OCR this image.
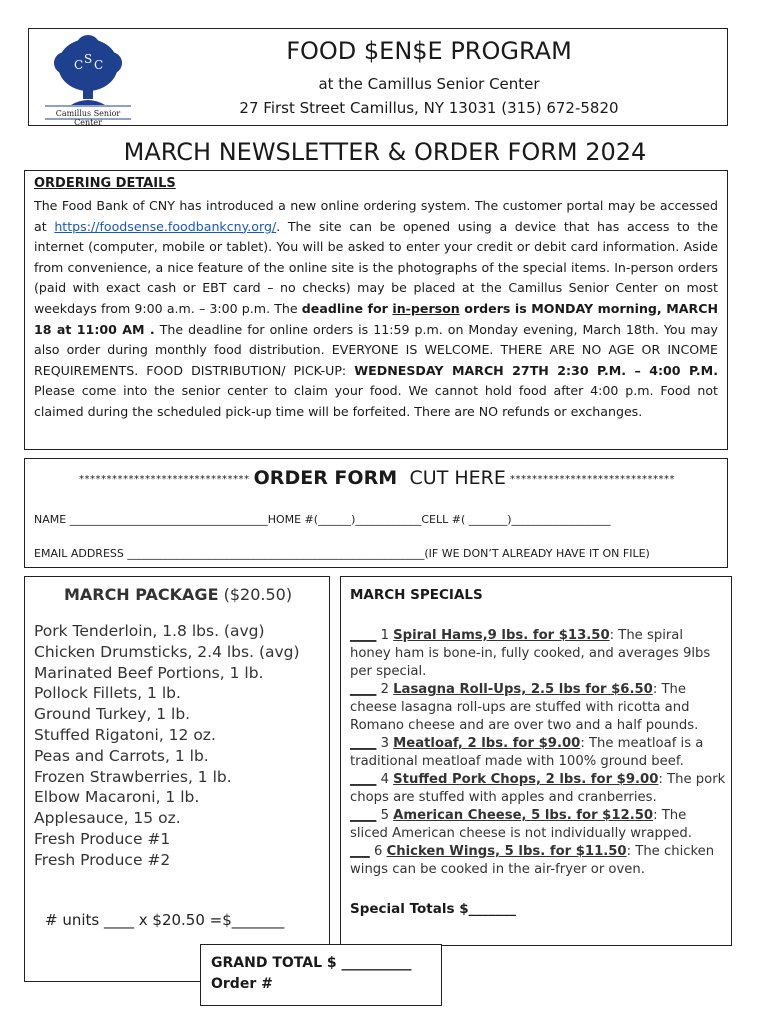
C S C
Camillus Senior Center
FOOD $EN$E PROGRAM
at the Camillus Senior Center
27 First Street Camillus, NY 13031 (315) 672-5820
MARCH NEWSLETTER & ORDER FORM 2024
ORDERING DETAILS
The Food Bank of CNY has introduced a new online ordering system. The customer portal may be accessed at https://foodsense.foodbankcny.org/. The site can be opened using a device that has access to the internet (computer, mobile or tablet). You will be asked to enter your credit or debit card information. Aside from convenience, a nice feature of the online site is the photographs of the special items. In-person orders (paid with exact cash or EBT card – no checks) may be placed at the Camillus Senior Center on most weekdays from 9:00 a.m. – 3:00 p.m. The deadline for in-person orders is MONDAY morning, MARCH 18 at 11:00 AM . The deadline for online orders is 11:59 p.m. on Monday evening, March 18th. You may also order during monthly food distribution. EVERYONE IS WELCOME. THERE ARE NO AGE OR INCOME REQUIREMENTS. FOOD DISTRIBUTION/ PICK-UP: WEDNESDAY MARCH 27TH 2:30 P.M. – 4:00 P.M. Please come into the senior center to claim your food. We cannot hold food after 4:00 p.m. Food not claimed during the scheduled pick-up time will be forfeited. There are NO refunds or exchanges.
******************************* ORDER FORM CUT HERE ******************************
NAME ____________________________________HOME #(______)____________CELL #( _______)__________________
EMAIL ADDRESS ______________________________________________________(IF WE DON’T ALREADY HAVE IT ON FILE)
MARCH PACKAGE ($20.50)
Pork Tenderloin, 1.8 lbs. (avg)
Chicken Drumsticks, 2.4 lbs. (avg)
Marinated Beef Portions, 1 lb.
Pollock Fillets, 1 lb.
Ground Turkey, 1 lb.
Stuffed Rigatoni, 12 oz.
Peas and Carrots, 1 lb.
Frozen Strawberries, 1 lb.
Elbow Macaroni, 1 lb.
Applesauce, 15 oz.
Fresh Produce #1
Fresh Produce #2
# units ____ x $20.50 =$_______
MARCH SPECIALS
____ 1 Spiral Hams,9 lbs. for $13.50: The spiral honey ham is bone-in, fully cooked, and averages 9lbs per special.
____ 2 Lasagna Roll-Ups, 2.5 lbs for $6.50: The cheese lasagna roll-ups are stuffed with ricotta and Romano cheese and are over two and a half pounds.
____ 3 Meatloaf, 2 lbs. for $9.00: The meatloaf is a traditional meatloaf made with 100% ground beef.
____ 4 Stuffed Pork Chops, 2 lbs. for $9.00: The pork chops are stuffed with apples and cranberries.
____ 5 American Cheese, 5 lbs. for $12.50: The sliced American cheese is not individually wrapped.
___ 6 Chicken Wings, 5 lbs. for $11.50: The chicken wings can be cooked in the air-fryer or oven.
Special Totals $_______
GRAND TOTAL $ __________
Order #
